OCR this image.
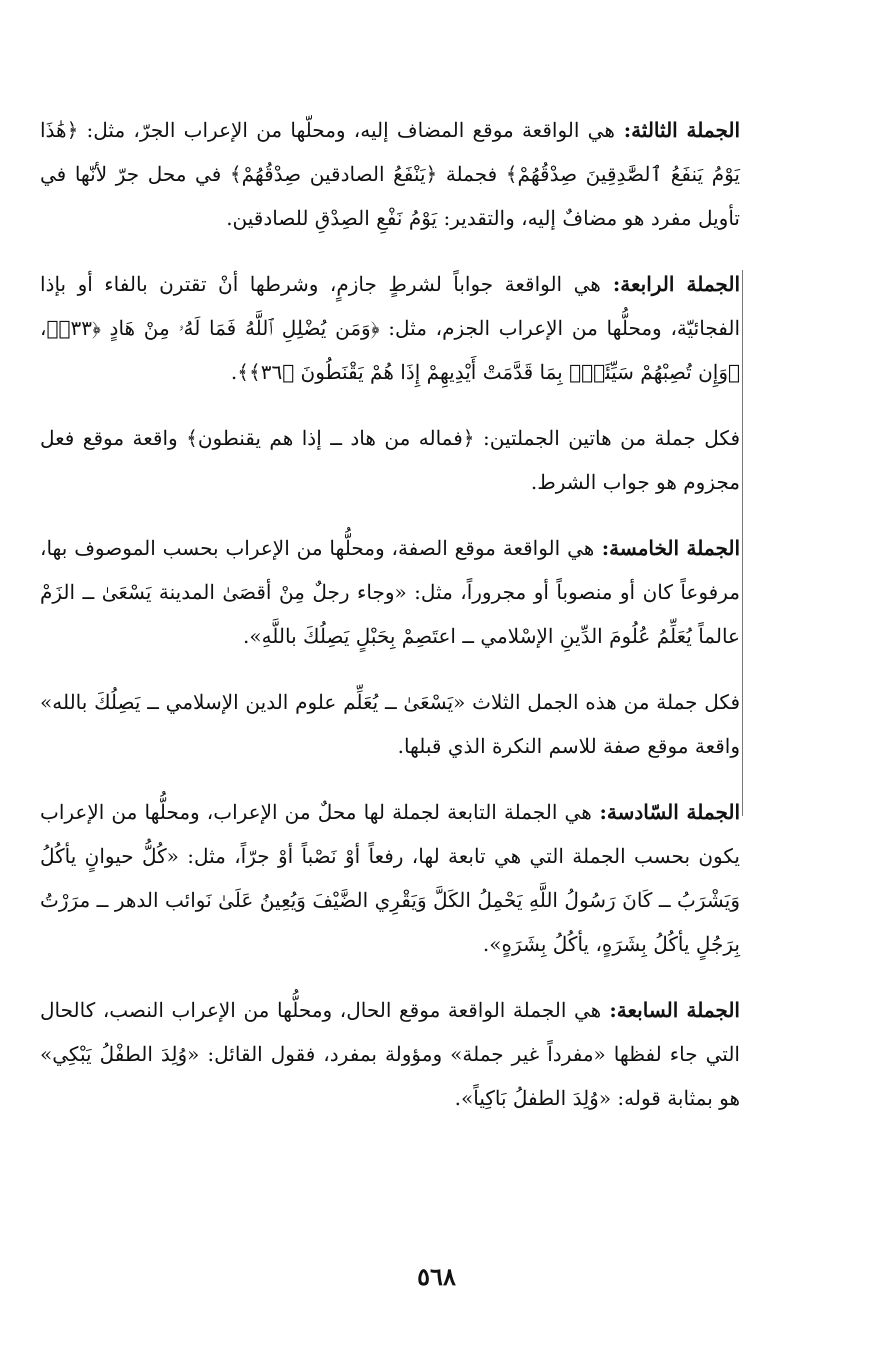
الجملة الثالثة: هي الواقعة موقع المضاف إليه، ومحلّها من الإعراب الجرّ، مثل: ﴿هَٰذَا يَوْمُ يَنفَعُ ٱلصَّٰدِقِينَ صِدْقُهُمْ﴾ فجملة ﴿يَنْفَعُ الصادقين صِدْقُهُمْ﴾ في محل جرّ لأنّها في تأويل مفرد هو مضافٌ إليه، والتقدير: يَوْمُ نَفْعِ الصِدْقِ للصادقين.

الجملة الرابعة: هي الواقعة جواباً لشرطٍ جازمٍ، وشرطها أنْ تقترن بالفاء أو بإذا الفجائيّة، ومحلُّها من الإعراب الجزم، مثل: ﴿وَمَن يُضْلِلِ ٱللَّهُ فَمَا لَهُۥ مِنْ هَادٍ ﴿٣٣﴾﴾، ﴿وَإِن تُصِبْهُمْ سَيِّئَةٌۢ بِمَا قَدَّمَتْ أَيْدِيهِمْ إِذَا هُمْ يَقْنَطُونَ ﴿٣٦﴾﴾.

فكل جملة من هاتين الجملتين: ﴿فماله من هاد ــ إذا هم يقنطون﴾ واقعة موقع فعل مجزوم هو جواب الشرط.

الجملة الخامسة: هي الواقعة موقع الصفة، ومحلُّها من الإعراب بحسب الموصوف بها، مرفوعاً كان أو منصوباً أو مجروراً، مثل: «وجاء رجلٌ مِنْ أقصَىٰ المدينة يَسْعَىٰ ــ الزَمْ عالماً يُعَلِّمُ عُلُومَ الدِّينِ الإسْلامي ــ اعتَصِمْ بِحَبْلٍ يَصِلُكَ باللَّهِ».

فكل جملة من هذه الجمل الثلاث «يَسْعَىٰ ــ يُعَلِّم علوم الدين الإسلامي ــ يَصِلُكَ بالله» واقعة موقع صفة للاسم النكرة الذي قبلها.

الجملة السّادسة: هي الجملة التابعة لجملة لها محلٌ من الإعراب، ومحلُّها من الإعراب يكون بحسب الجملة التي هي تابعة لها، رفعاً أوْ نَصْباً أوْ جرّاً، مثل: «كُلُّ حيوانٍ يأكُلُ وَيَشْرَبُ ــ كَانَ رَسُولُ اللَّهِ يَحْمِلُ الكَلَّ وَيَقْرِي الضَّيْفَ وَيُعِينُ عَلَىٰ نَوائب الدهر ــ مرَرْتُ بِرَجُلٍ يأكُلُ بِشَرَهٍ، يأكُلُ بِشَرَهٍ».

الجملة السابعة: هي الجملة الواقعة موقع الحال، ومحلُّها من الإعراب النصب، كالحال التي جاء لفظها «مفرداً غير جملة» ومؤولة بمفرد، فقول القائل: «وُلِدَ الطفْلُ يَبْكِي» هو بمثابة قوله: «وُلِدَ الطفلُ بَاكِياً».

٥٦٨
